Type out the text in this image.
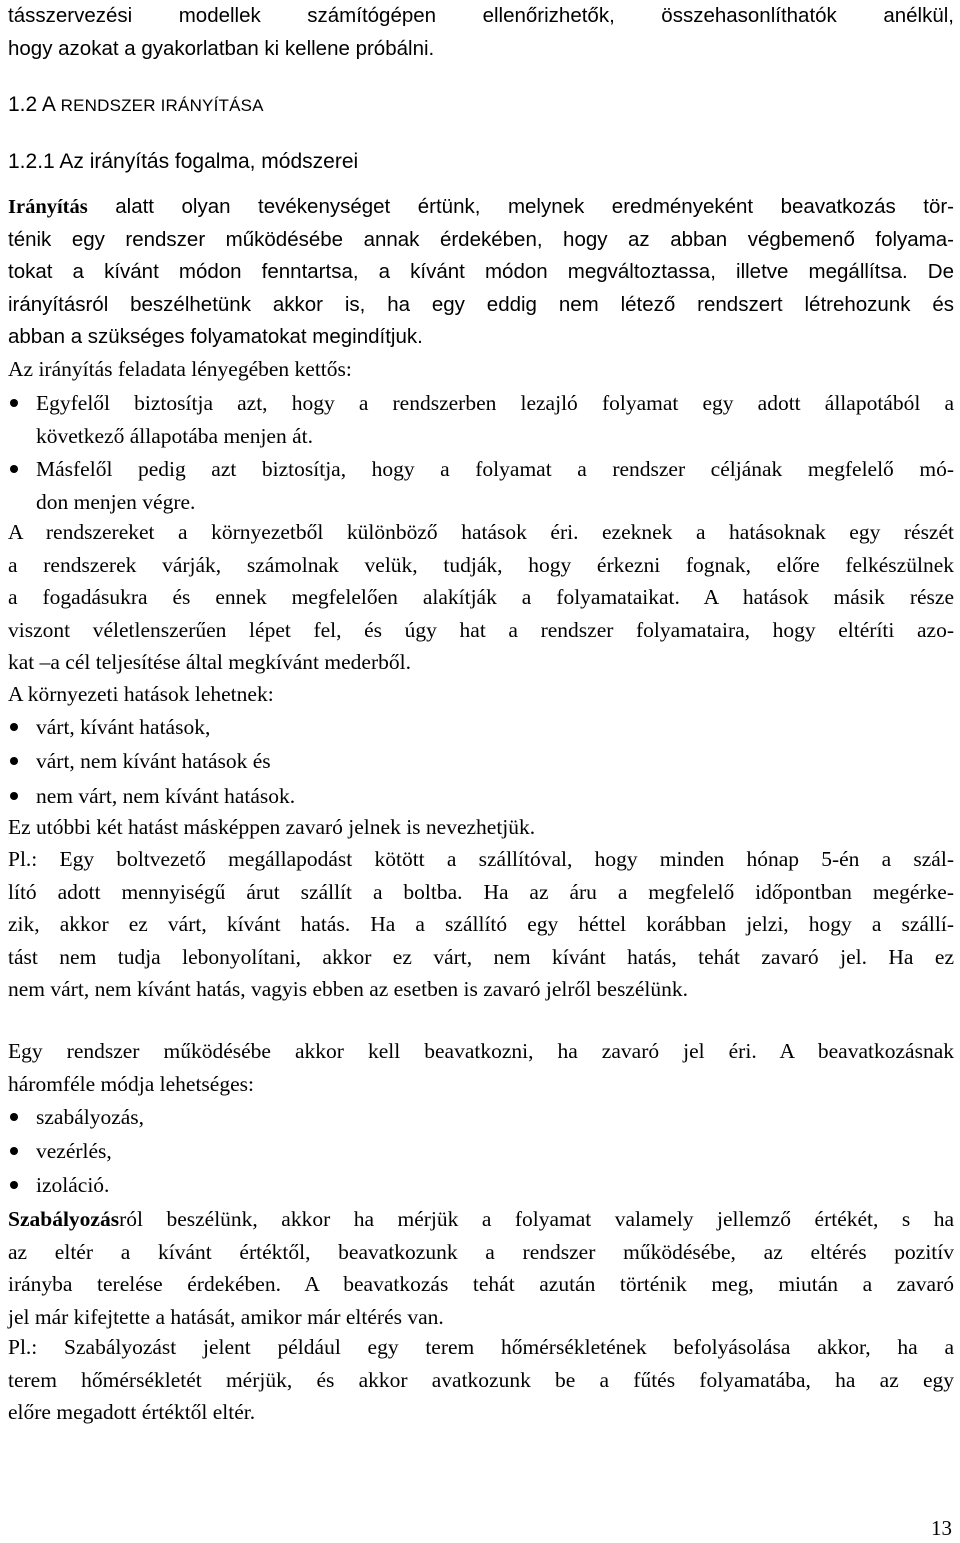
tásszervezési modellek számítógépen ellenőrizhetők, összehasonlíthatók anélkül,
hogy azokat a gyakorlatban ki kellene próbálni.
1.2 A RENDSZER IRÁNYÍTÁSA
1.2.1 Az irányítás fogalma, módszerei
Irányítás alatt olyan tevékenységet értünk, melynek eredményeként beavatkozás tör-
ténik egy rendszer működésébe annak érdekében, hogy az abban végbemenő folyama-
tokat a kívánt módon fenntartsa, a kívánt módon megváltoztassa, illetve megállítsa. De
irányításról beszélhetünk akkor is, ha egy eddig nem létező rendszert létrehozunk és
abban a szükséges folyamatokat megindítjuk.
Az irányítás feladata lényegében kettős:
Egyfelől biztosítja azt, hogy a rendszerben lezajló folyamat egy adott állapotából a
következő állapotába menjen át.
Másfelől pedig azt biztosítja, hogy a folyamat a rendszer céljának megfelelő mó-
don menjen végre.
A rendszereket a környezetből különböző hatások éri. ezeknek a hatásoknak egy részét
a rendszerek várják, számolnak velük, tudják, hogy érkezni fognak, előre felkészülnek
a fogadásukra és ennek megfelelően alakítják a folyamataikat. A hatások másik része
viszont véletlenszerűen lépet fel, és úgy hat a rendszer folyamataira, hogy eltéríti azo-
kat –a cél teljesítése által megkívánt mederből.
A környezeti hatások lehetnek:
várt, kívánt hatások,
várt, nem kívánt hatások és
nem várt, nem kívánt hatások.
Ez utóbbi két hatást másképpen zavaró jelnek is nevezhetjük.
Pl.: Egy boltvezető megállapodást kötött a szállítóval, hogy minden hónap 5-én a szál-
lító adott mennyiségű árut szállít a boltba. Ha az áru a megfelelő időpontban megérke-
zik, akkor ez várt, kívánt hatás. Ha a szállító egy héttel korábban jelzi, hogy a szállí-
tást nem tudja lebonyolítani, akkor ez várt, nem kívánt hatás, tehát zavaró jel. Ha ez
nem várt, nem kívánt hatás, vagyis ebben az esetben is zavaró jelről beszélünk.
Egy rendszer működésébe akkor kell beavatkozni, ha zavaró jel éri. A beavatkozásnak
háromféle módja lehetséges:
szabályozás,
vezérlés,
izoláció.
Szabályozásról beszélünk, akkor ha mérjük a folyamat valamely jellemző értékét, s ha
az eltér a kívánt értéktől, beavatkozunk a rendszer működésébe, az eltérés pozitív
irányba terelése érdekében. A beavatkozás tehát azután történik meg, miután a zavaró
jel már kifejtette a hatását, amikor már eltérés van.
Pl.: Szabályozást jelent például egy terem hőmérsékletének befolyásolása akkor, ha a
terem hőmérsékletét mérjük, és akkor avatkozunk be a fűtés folyamatába, ha az egy
előre megadott értéktől eltér.
13
